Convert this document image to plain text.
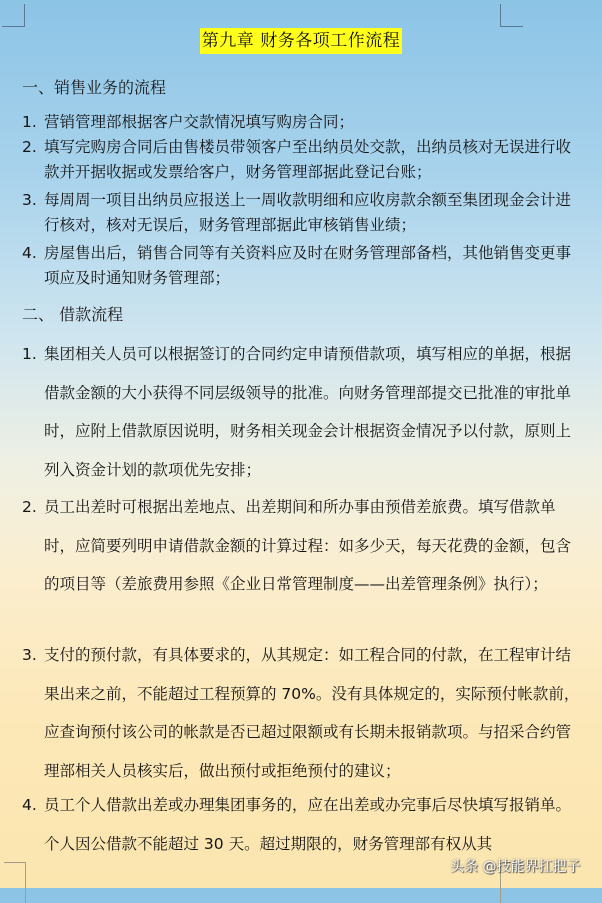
第九章 财务各项工作流程
一、销售业务的流程
1. 营销管理部根据客户交款情况填写购房合同；
2. 填写完购房合同后由售楼员带领客户至出纳员处交款，出纳员核对无误进行收款并开据收据或发票给客户，财务管理部据此登记台账；
3. 每周周一项目出纳员应报送上一周收款明细和应收房款余额至集团现金会计进行核对，核对无误后，财务管理部据此审核销售业绩；
4. 房屋售出后，销售合同等有关资料应及时在财务管理部备档，其他销售变更事项应及时通知财务管理部；
二、 借款流程
1. 集团相关人员可以根据签订的合同约定申请预借款项，填写相应的单据，根据借款金额的大小获得不同层级领导的批准。向财务管理部提交已批准的审批单时，应附上借款原因说明，财务相关现金会计根据资金情况予以付款，原则上列入资金计划的款项优先安排；
2. 员工出差时可根据出差地点、出差期间和所办事由预借差旅费。填写借款单时，应简要列明申请借款金额的计算过程：如多少天，每天花费的金额，包含的项目等（差旅费用参照《企业日常管理制度——出差管理条例》执行）；
3. 支付的预付款，有具体要求的，从其规定：如工程合同的付款，在工程审计结果出来之前，不能超过工程预算的 70%。没有具体规定的，实际预付帐款前，应查询预付该公司的帐款是否已超过限额或有长期未报销款项。与招采合约管理部相关人员核实后，做出预付或拒绝预付的建议；
4. 员工个人借款出差或办理集团事务的，应在出差或办完事后尽快填写报销单。个人因公借款不能超过 30 天。超过期限的，财务管理部有权从其
头条 @技能界扛把子
